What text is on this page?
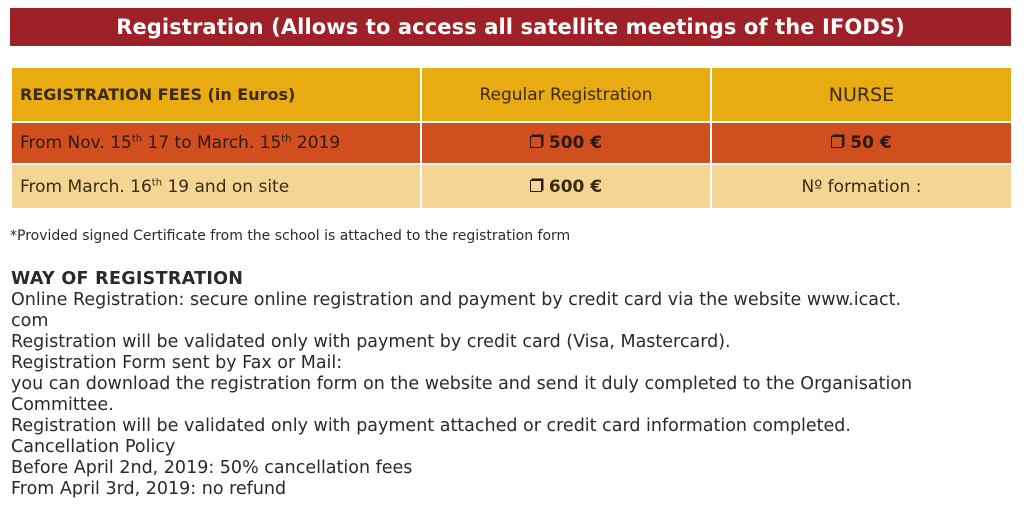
Registration (Allows to access all satellite meetings of the IFODS)
REGISTRATION FEES (in Euros)	Regular Registration	NURSE
From Nov. 15th 17 to March. 15th 2019	500 €	50 €
From March. 16th 19 and on site	600 €	Nº formation :
*Provided signed Certificate from the school is attached to the registration form
WAY OF REGISTRATION
Online Registration: secure online registration and payment by credit card via the website www.icact.
com
Registration will be validated only with payment by credit card (Visa, Mastercard).
Registration Form sent by Fax or Mail:
you can download the registration form on the website and send it duly completed to the Organisation
Committee.
Registration will be validated only with payment attached or credit card information completed.
Cancellation Policy
Before April 2nd, 2019: 50% cancellation fees
From April 3rd, 2019: no refund
